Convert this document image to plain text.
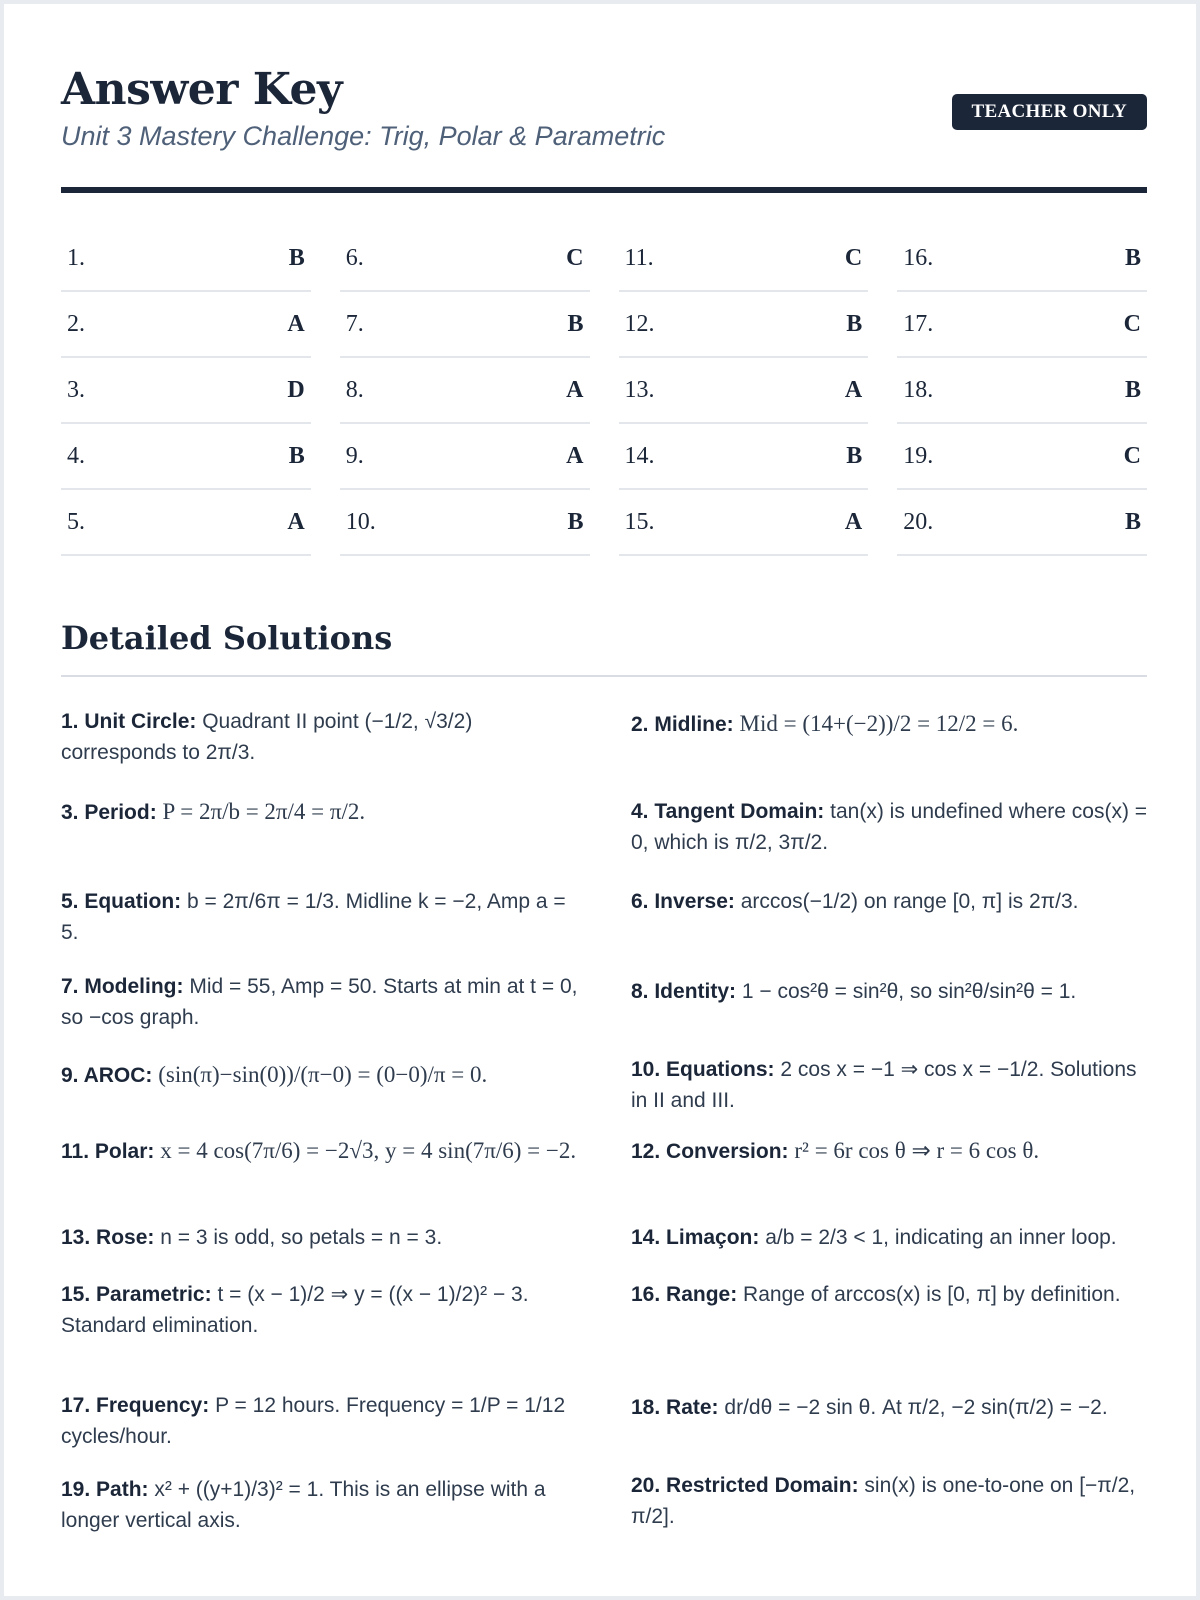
Answer Key
Unit 3 Mastery Challenge: Trig, Polar & Parametric
TEACHER ONLY
1.	B 6.	C 11.	C 16.	B
2.	A 7.	B 12.	B 17.	C
3.	D 8.	A 13.	A 18.	B
4.	B 9.	A 14.	B 19.	C
5.	A 10.	B 15.	A 20.	B
Detailed Solutions
1. Unit Circle: Quadrant II point (−1/2, √3/2) corresponds to 2π/3.
3. Period: P = 2π/b = 2π/4 = π/2.
5. Equation: b = 2π/6π = 1/3. Midline k = −2, Amp a = 5.
7. Modeling: Mid = 55, Amp = 50. Starts at min at t = 0, so −cos graph.
9. AROC: (sin(π)−sin(0))/(π−0) = (0−0)/π = 0.
11. Polar: x = 4 cos(7π/6) = −2√3, y = 4 sin(7π/6) = −2.
13. Rose: n = 3 is odd, so petals = n = 3.
15. Parametric: t = (x − 1)/2 ⇒ y = ((x − 1)/2)² − 3. Standard elimination.
17. Frequency: P = 12 hours. Frequency = 1/P = 1/12 cycles/hour.
19. Path: x² + ((y+1)/3)² = 1. This is an ellipse with a longer vertical axis.
2. Midline: Mid = (14+(−2))/2 = 12/2 = 6.
4. Tangent Domain: tan(x) is undefined where cos(x) = 0, which is π/2, 3π/2.
6. Inverse: arccos(−1/2) on range [0, π] is 2π/3.
8. Identity: 1 − cos²θ = sin²θ, so sin²θ/sin²θ = 1.
10. Equations: 2 cos x = −1 ⇒ cos x = −1/2. Solutions in II and III.
12. Conversion: r² = 6r cos θ ⇒ r = 6 cos θ.
14. Limaçon: a/b = 2/3 < 1, indicating an inner loop.
16. Range: Range of arccos(x) is [0, π] by definition.
18. Rate: dr/dθ = −2 sin θ. At π/2, −2 sin(π/2) = −2.
20. Restricted Domain: sin(x) is one-to-one on [−π/2, π/2].
